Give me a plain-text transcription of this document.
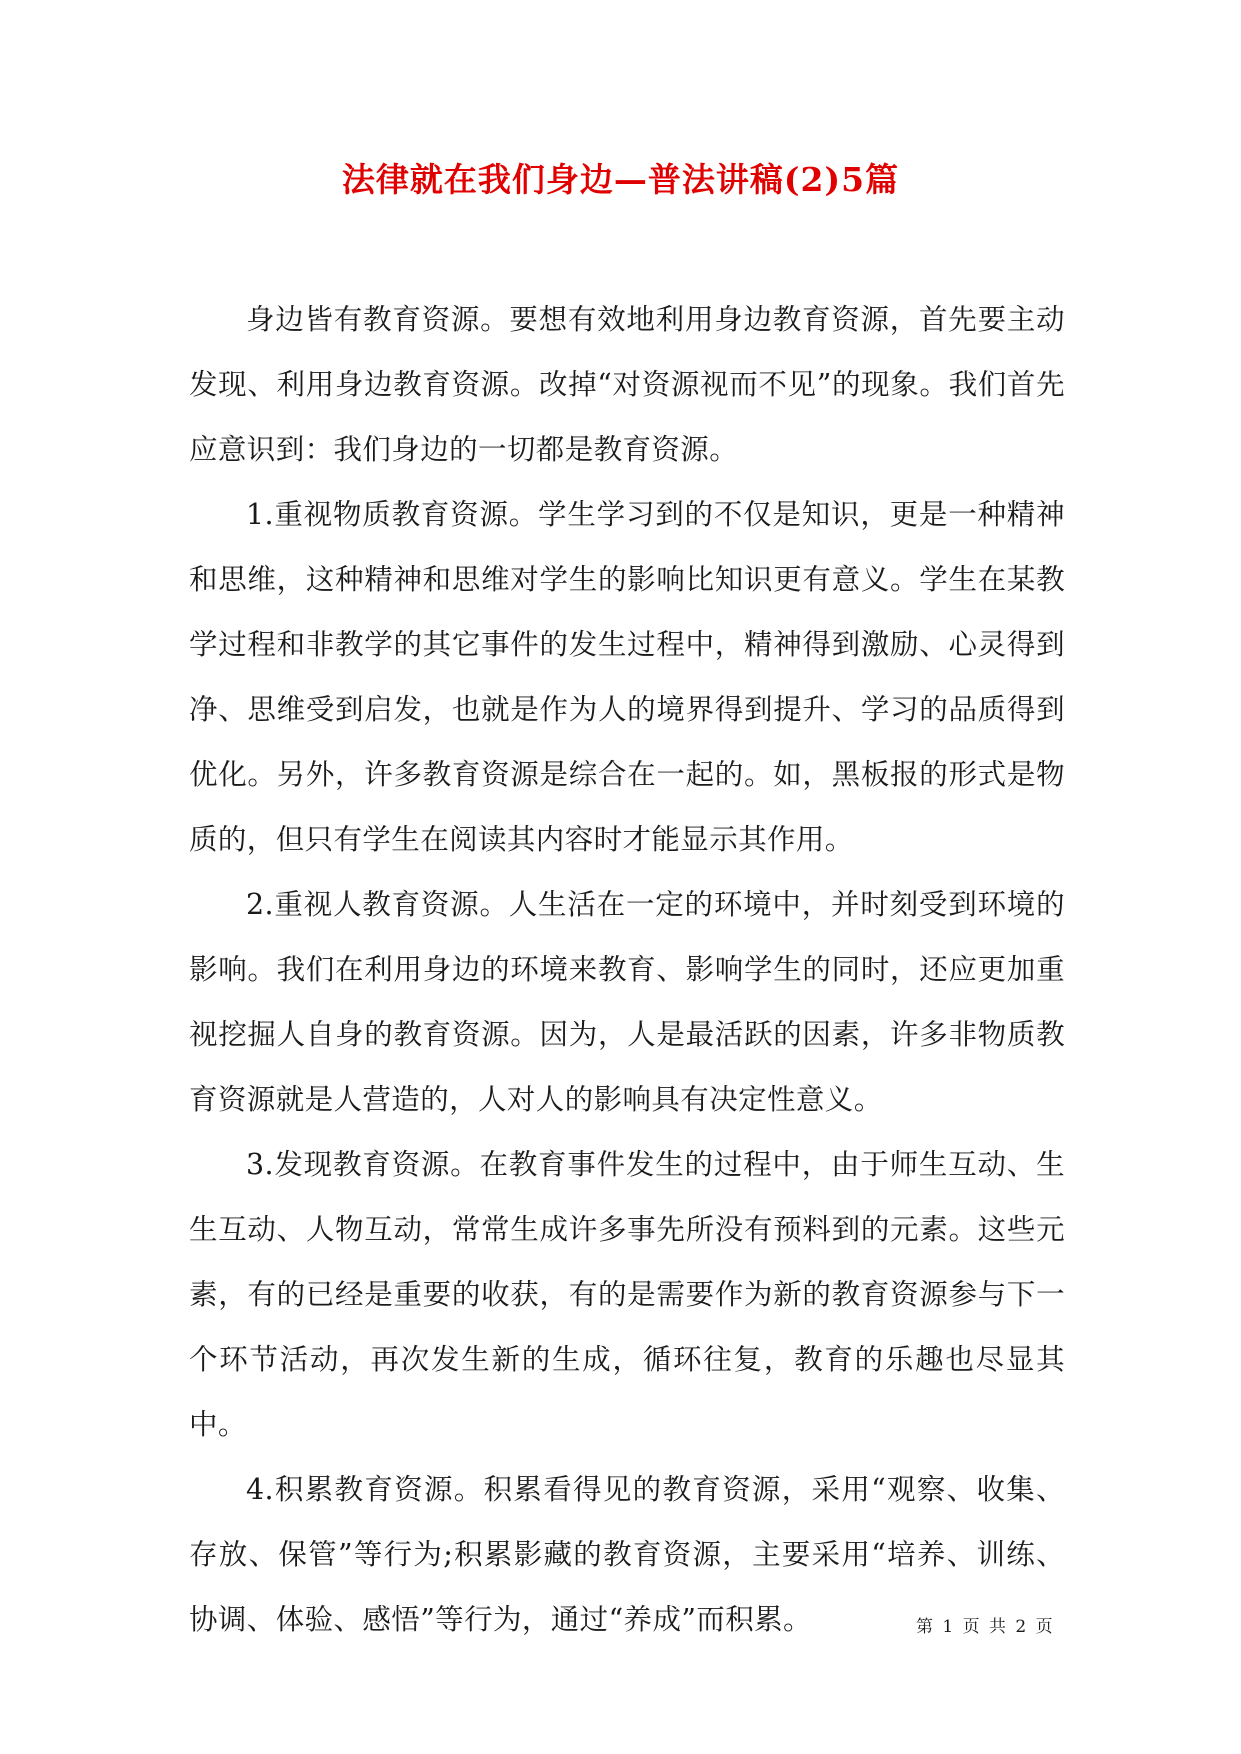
法律就在我们身边—普法讲稿(2)5篇

身边皆有教育资源。要想有效地利用身边教育资源，首先要主动发现、利用身边教育资源。改掉“对资源视而不见”的现象。我们首先应意识到：我们身边的一切都是教育资源。

1.重视物质教育资源。学生学习到的不仅是知识，更是一种精神和思维，这种精神和思维对学生的影响比知识更有意义。学生在某教学过程和非教学的其它事件的发生过程中，精神得到激励、心灵得到净、思维受到启发，也就是作为人的境界得到提升、学习的品质得到优化。另外，许多教育资源是综合在一起的。如，黑板报的形式是物质的，但只有学生在阅读其内容时才能显示其作用。

2.重视人教育资源。人生活在一定的环境中，并时刻受到环境的影响。我们在利用身边的环境来教育、影响学生的同时，还应更加重视挖掘人自身的教育资源。因为，人是最活跃的因素，许多非物质教育资源就是人营造的，人对人的影响具有决定性意义。

3.发现教育资源。在教育事件发生的过程中，由于师生互动、生生互动、人物互动，常常生成许多事先所没有预料到的元素。这些元素，有的已经是重要的收获，有的是需要作为新的教育资源参与下一个环节活动，再次发生新的生成，循环往复，教育的乐趣也尽显其中。

4.积累教育资源。积累看得见的教育资源，采用“观察、收集、存放、保管”等行为;积累影藏的教育资源，主要采用“培养、训练、协调、体验、感悟”等行为，通过“养成”而积累。	第 1 页 共 2 页
